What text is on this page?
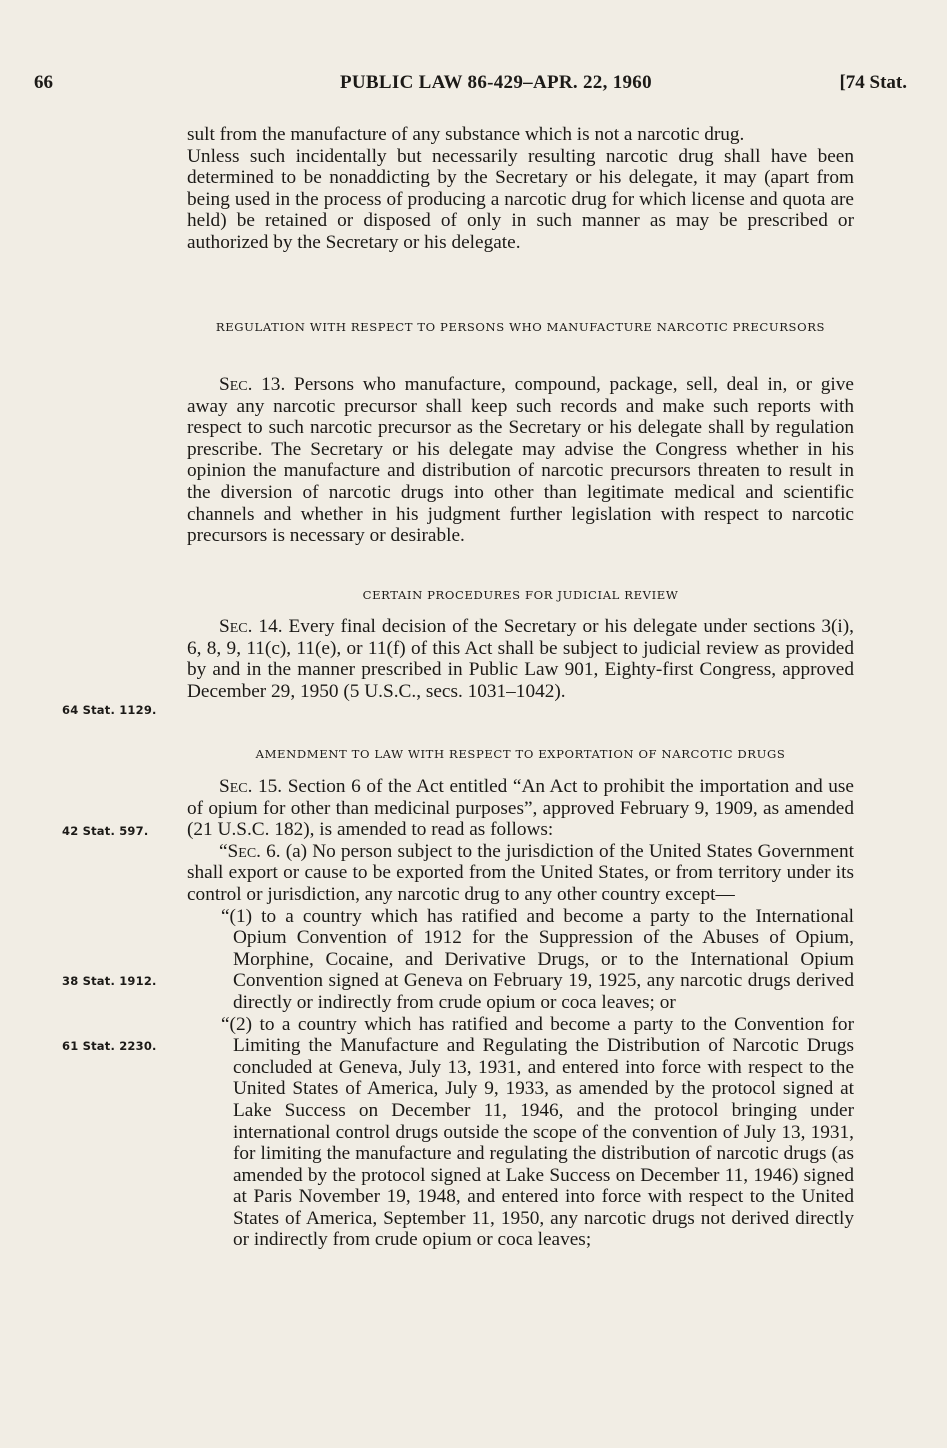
66	PUBLIC LAW 86-429–APR. 22, 1960	[74 Stat.

sult from the manufacture of any substance which is not a narcotic drug.

Unless such incidentally but necessarily resulting narcotic drug shall have been determined to be nonaddicting by the Secretary or his delegate, it may (apart from being used in the process of producing a narcotic drug for which license and quota are held) be retained or disposed of only in such manner as may be prescribed or authorized by the Secretary or his delegate.

REGULATION WITH RESPECT TO PERSONS WHO MANUFACTURE NARCOTIC PRECURSORS

Sec. 13. Persons who manufacture, compound, package, sell, deal in, or give away any narcotic precursor shall keep such records and make such reports with respect to such narcotic precursor as the Secretary or his delegate shall by regulation prescribe. The Secretary or his delegate may advise the Congress whether in his opinion the manufacture and distribution of narcotic precursors threaten to result in the diversion of narcotic drugs into other than legitimate medical and scientific channels and whether in his judgment further legislation with respect to narcotic precursors is necessary or desirable.

CERTAIN PROCEDURES FOR JUDICIAL REVIEW

Sec. 14. Every final decision of the Secretary or his delegate under sections 3(i), 6, 8, 9, 11(c), 11(e), or 11(f) of this Act shall be subject to judicial review as provided by and in the manner prescribed in Public Law 901, Eighty-first Congress, approved December 29, 1950 (5 U.S.C., secs. 1031–1042).

64 Stat. 1129.
AMENDMENT TO LAW WITH RESPECT TO EXPORTATION OF NARCOTIC DRUGS

Sec. 15. Section 6 of the Act entitled “An Act to prohibit the importation and use of opium for other than medicinal purposes”, approved February 9, 1909, as amended (21 U.S.C. 182), is amended to read as follows:

“Sec. 6. (a) No person subject to the jurisdiction of the United States Government shall export or cause to be exported from the United States, or from territory under its control or jurisdiction, any narcotic drug to any other country except—

“(1) to a country which has ratified and become a party to the International Opium Convention of 1912 for the Suppression of the Abuses of Opium, Morphine, Cocaine, and Derivative Drugs, or to the International Opium Convention signed at Geneva on February 19, 1925, any narcotic drugs derived directly or indirectly from crude opium or coca leaves; or

“(2) to a country which has ratified and become a party to the Convention for Limiting the Manufacture and Regulating the Distribution of Narcotic Drugs concluded at Geneva, July 13, 1931, and entered into force with respect to the United States of America, July 9, 1933, as amended by the protocol signed at Lake Success on December 11, 1946, and the protocol bringing under international control drugs outside the scope of the convention of July 13, 1931, for limiting the manufacture and regulating the distribution of narcotic drugs (as amended by the protocol signed at Lake Success on December 11, 1946) signed at Paris November 19, 1948, and entered into force with respect to the United States of America, September 11, 1950, any narcotic drugs not derived directly or indirectly from crude opium or coca leaves;

42 Stat. 597.
38 Stat. 1912.
61 Stat. 2230.
